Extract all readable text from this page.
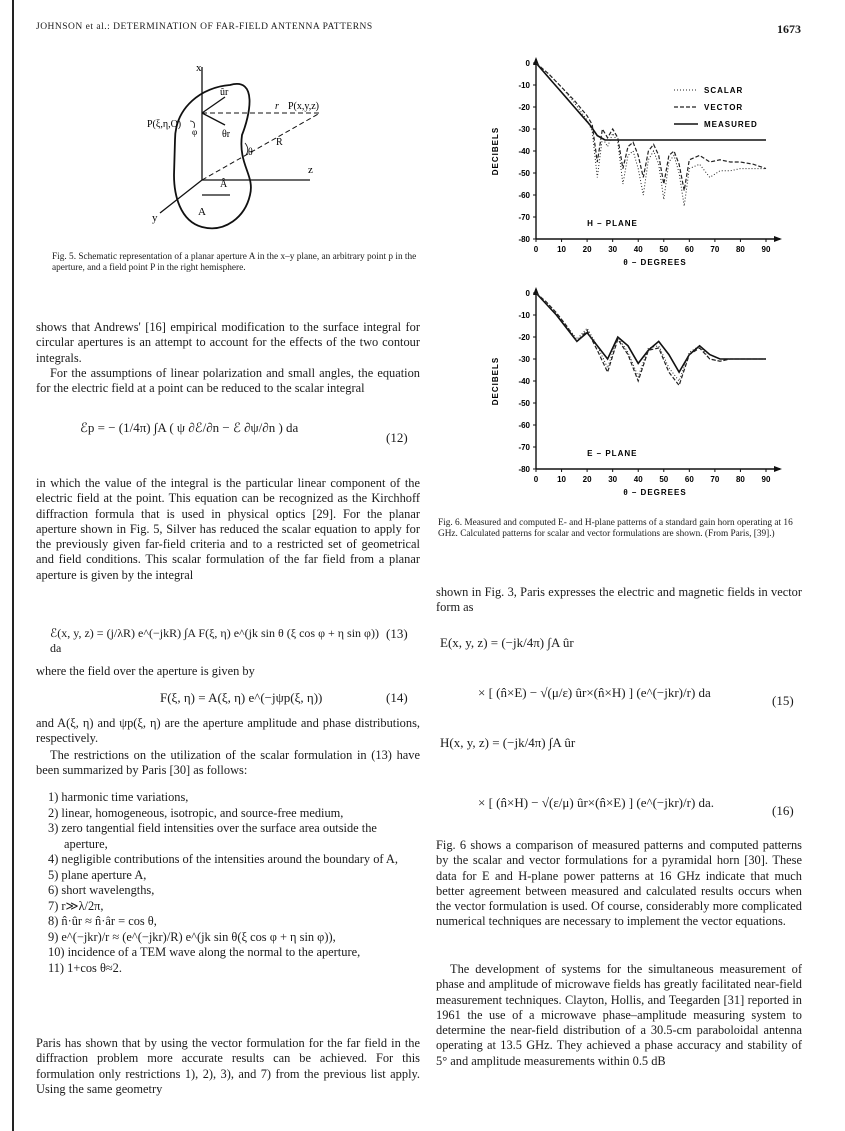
JOHNSON et al.: DETERMINATION OF FAR-FIELD ANTENNA PATTERNS	1673
x
z
y
P(ξ,η,O)
P(x,y,z)
ûr
θr
r
R
θ
φ
Â
A
Fig. 5. Schematic representation of a planar aperture A in the x–y plane, an arbitrary point p in the aperture, and a field point P in the right hemisphere.
shows that Andrews' [16] empirical modification to the surface integral for circular apertures is an attempt to account for the effects of the two contour integrals.
For the assumptions of linear polarization and small angles, the equation for the electric field at a point can be reduced to the scalar integral
ℰp = − (1/4π) ∫A ( ψ ∂ℰ/∂n − ℰ ∂ψ/∂n ) da
(12)
in which the value of the integral is the particular linear component of the electric field at the point. This equation can be recognized as the Kirchhoff diffraction formula that is used in physical optics [29]. For the planar aperture shown in Fig. 5, Silver has reduced the scalar equation to apply for the previously given far-field criteria and to a restricted set of geometrical and field conditions. This scalar formulation of the far field from a planar aperture is given by the integral
ℰ(x, y, z) = (j/λR) e^(−jkR) ∫A F(ξ, η) e^(jk sin θ (ξ cos φ + η sin φ)) da
(13)
where the field over the aperture is given by
F(ξ, η) = A(ξ, η) e^(−jψp(ξ, η))	(14)
and A(ξ, η) and ψp(ξ, η) are the aperture amplitude and phase distributions, respectively.
The restrictions on the utilization of the scalar formulation in (13) have been summarized by Paris [30] as follows:
1) harmonic time variations,
2) linear, homogeneous, isotropic, and source-free medium,
3) zero tangential field intensities over the surface area outside the aperture,
4) negligible contributions of the intensities around the boundary of A,
5) plane aperture A,
6) short wavelengths,
7) r≫λ/2π,
8) n̂·ûr ≈ n̂·âr = cos θ,
9) e^(−jkr)/r ≈ (e^(−jkr)/R) e^(jk sin θ(ξ cos φ + η sin φ)),
10) incidence of a TEM wave along the normal to the aperture,
11) 1+cos θ≈2.
Paris has shown that by using the vector formulation for the far field in the diffraction problem more accurate results can be achieved. For this formulation only restrictions 1), 2), 3), and 7) from the previous list apply. Using the same geometry
0
-10
-20
-30
-40
-50
-60
-70
-80
0 10 20 30 40 50 60 70 80 90
θ – DEGREES
DECIBELS
H – PLANE
SCALAR
VECTOR
MEASURED
0
-10
-20
-30
-40
-50
-60
-70
-80
0 10 20 30 40 50 60 70 80 90
θ – DEGREES
DECIBELS
E – PLANE
Fig. 6. Measured and computed E- and H-plane patterns of a standard gain horn operating at 16 GHz. Calculated patterns for scalar and vector formulations are shown. (From Paris, [39].)
shown in Fig. 3, Paris expresses the electric and magnetic fields in vector form as
E(x, y, z) = (−jk/4π) ∫A ûr
× [ (n̂×E) − √(μ/ε) ûr×(n̂×H) ] (e^(−jkr)/r) da
(15)
H(x, y, z) = (−jk/4π) ∫A ûr
× [ (n̂×H) − √(ε/μ) ûr×(n̂×E) ] (e^(−jkr)/r) da.
(16)
Fig. 6 shows a comparison of measured patterns and computed patterns by the scalar and vector formulations for a pyramidal horn [30]. These data for E and H-plane power patterns at 16 GHz indicate that much better agreement between measured and calculated results occurs when the vector formulation is used. Of course, considerably more complicated numerical techniques are necessary to implement the vector equations.
The development of systems for the simultaneous measurement of phase and amplitude of microwave fields has greatly facilitated near-field measurement techniques. Clayton, Hollis, and Teegarden [31] reported in 1961 the use of a microwave phase–amplitude measuring system to determine the near-field distribution of a 30.5-cm paraboloidal antenna operating at 13.5 GHz. They achieved a phase accuracy and stability of 5° and amplitude measurements within 0.5 dB
